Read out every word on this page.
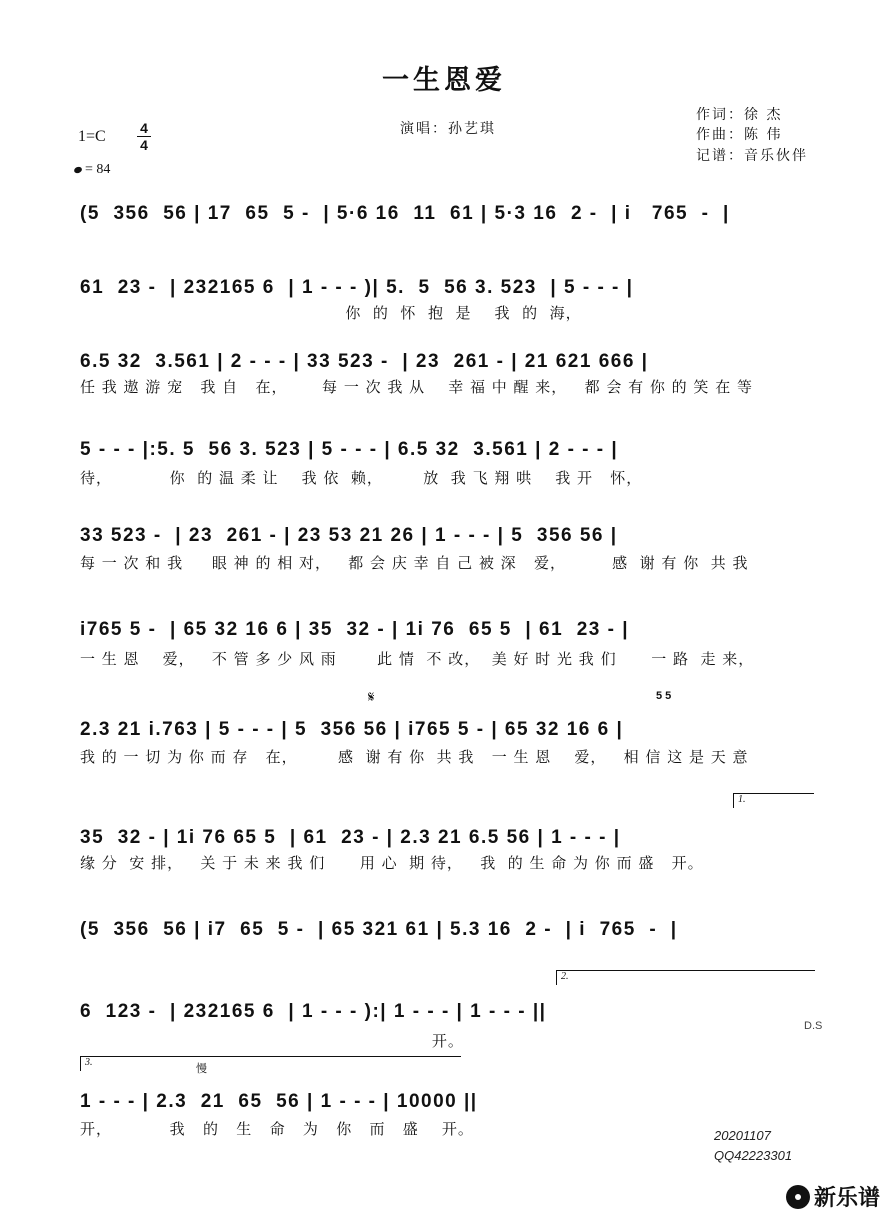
一生恩爱
演唱：孙艺琪
作词：徐 杰
作曲：陈 伟
记谱：音乐伙伴
1=C 4
4
= 84
(5  356  56 | 17  65  5 -  | 5·6 16  11  61 | 5·3 16  2 -  | i   765  -  |
61  23 -  | 232165 6  | 1 - - - )| 5.  5  56 3. 523  | 5 - - - |
你  的  怀  抱  是    我  的  海，
6.5 32  3.561 | 2 - - - | 33 523 -  | 23  261 - | 21 621 666 |
任 我 遨 游 宠   我 自   在，      每 一 次 我 从    幸 福 中 醒 来，   都 会 有 你 的 笑 在 等
5 - - - |:5. 5  56 3. 523 | 5 - - - | 6.5 32  3.561 | 2 - - - |
待，          你  的 温 柔 让    我 依  赖，       放  我 飞 翔 哄    我 开   怀，
33 523 -  | 23  261 - | 23 53 21 26 | 1 - - - | 5  356 56 |
每 一 次 和 我     眼 神 的 相 对，   都 会 庆 幸 自 己 被 深   爱，        感  谢 有 你  共 我
i765 5 -  | 65 32 16 6 | 35  32 - | 1i 76  65 5  | 61  23 - |
一 生 恩    爱，   不 管 多 少 风 雨       此 情  不 改，  美 好 时 光 我 们      一 路  走 来，
𝄋	5 5
2.3 21 i.763 | 5 - - - | 5  356 56 | i765 5 - | 65 32 16 6 |
我 的 一 切 为 你 而 存   在，       感  谢 有 你  共 我   一 生 恩    爱，   相 信 这 是 天 意
1.
35  32 - | 1i 76 65 5  | 61  23 - | 2.3 21 6.5 56 | 1 - - - |
缘 分  安 排，   关 于 未 来 我 们      用 心  期 待，   我  的 生 命 为 你 而 盛   开。
(5  356  56 | i7  65  5 -  | 65 321 61 | 5.3 16  2 -  | i  765  -  |
2.
6  123 -  | 232165 6  | 1 - - - ):| 1 - - - | 1 - - - ||
D.S
开。
3.
慢
1 - - - | 2.3  21  65  56 | 1 - - - | 10000 ||
开，          我   的   生   命   为   你   而   盛    开。	20201107
QQ42223301
新乐谱
